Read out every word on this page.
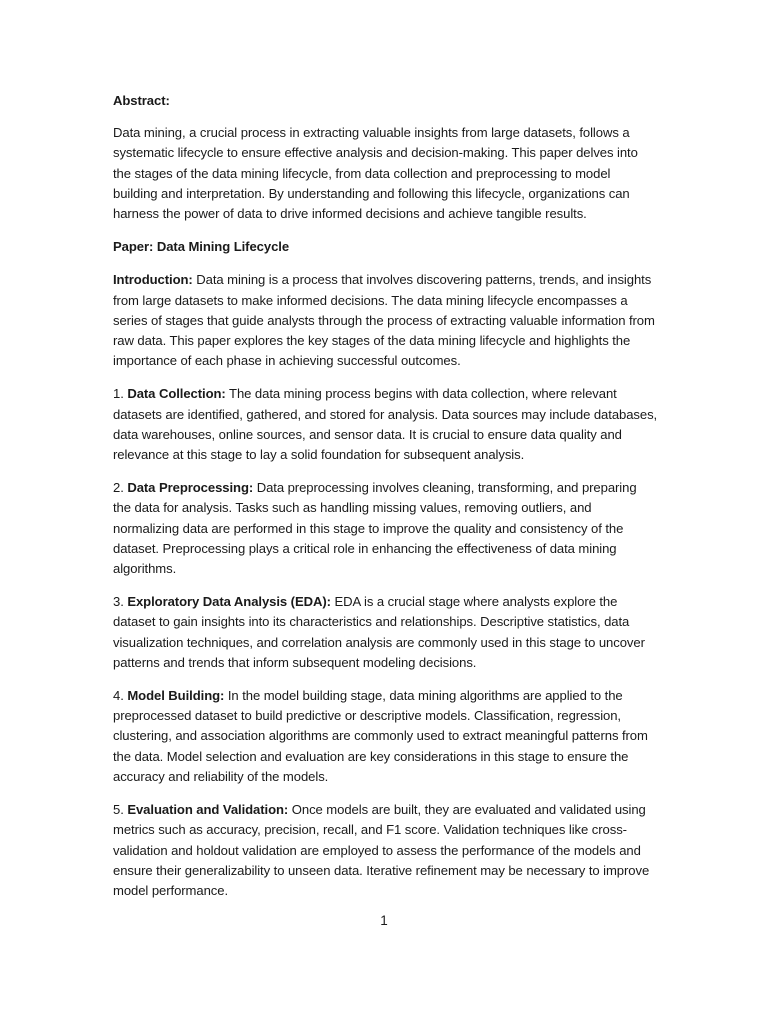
Abstract:

Data mining, a crucial process in extracting valuable insights from large datasets, follows a systematic lifecycle to ensure effective analysis and decision-making. This paper delves into the stages of the data mining lifecycle, from data collection and preprocessing to model building and interpretation. By understanding and following this lifecycle, organizations can harness the power of data to drive informed decisions and achieve tangible results.

Paper: Data Mining Lifecycle

Introduction: Data mining is a process that involves discovering patterns, trends, and insights from large datasets to make informed decisions. The data mining lifecycle encompasses a series of stages that guide analysts through the process of extracting valuable information from raw data. This paper explores the key stages of the data mining lifecycle and highlights the importance of each phase in achieving successful outcomes.

1. Data Collection: The data mining process begins with data collection, where relevant datasets are identified, gathered, and stored for analysis. Data sources may include databases, data warehouses, online sources, and sensor data. It is crucial to ensure data quality and relevance at this stage to lay a solid foundation for subsequent analysis.

2. Data Preprocessing: Data preprocessing involves cleaning, transforming, and preparing the data for analysis. Tasks such as handling missing values, removing outliers, and normalizing data are performed in this stage to improve the quality and consistency of the dataset. Preprocessing plays a critical role in enhancing the effectiveness of data mining algorithms.

3. Exploratory Data Analysis (EDA): EDA is a crucial stage where analysts explore the dataset to gain insights into its characteristics and relationships. Descriptive statistics, data visualization techniques, and correlation analysis are commonly used in this stage to uncover patterns and trends that inform subsequent modeling decisions.

4. Model Building: In the model building stage, data mining algorithms are applied to the preprocessed dataset to build predictive or descriptive models. Classification, regression, clustering, and association algorithms are commonly used to extract meaningful patterns from the data. Model selection and evaluation are key considerations in this stage to ensure the accuracy and reliability of the models.

5. Evaluation and Validation: Once models are built, they are evaluated and validated using metrics such as accuracy, precision, recall, and F1 score. Validation techniques like cross-validation and holdout validation are employed to assess the performance of the models and ensure their generalizability to unseen data. Iterative refinement may be necessary to improve model performance.

1
